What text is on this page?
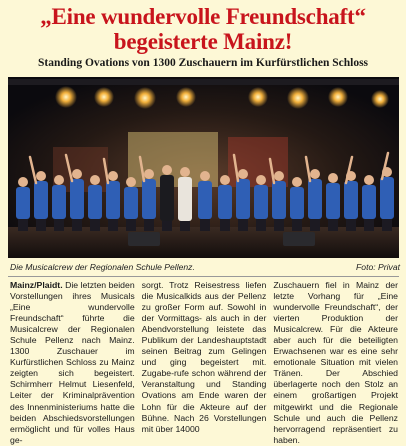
„Eine wundervolle Freundschaft“
begeisterte Mainz!
Standing Ovations von 1300 Zuschauern im Kurfürstlichen Schloss
Die Musicalcrew der Regionalen Schule Pellenz.	Foto: Privat
Mainz/Plaidt. Die letzten beiden Vorstellungen ihres Musicals „Eine wundervolle Freundschaft“ führte die Musicalcrew der Regionalen Schule Pellenz nach Mainz. 1300 Zuschauer im Kurfürstlichen Schloss zu Mainz zeigten sich begeistert. Schirmherr Helmut Liesenfeld, Leiter der Kriminalprävention des Innenministeriums hatte die beiden Abschiedsvorstellungen ermöglicht und für volles Haus ge-
sorgt. Trotz Reisestress liefen die Musicalkids aus der Pellenz zu großer Form auf. Sowohl in der Vormittags- als auch in der Abendvorstellung leistete das Publikum der Landeshauptstadt seinen Beitrag zum Gelingen und ging begeistert mit. Zugabe-rufe schon während der Veranstaltung und Standing Ovations am Ende waren der Lohn für die Akteure auf der Bühne. Nach 26 Vorstellungen mit über 14000
Zuschauern fiel in Mainz der letzte Vorhang für „Eine wundervolle Freundschaft“, der vierten Produktion der Musicalcrew. Für die Akteure aber auch für die beteiligten Erwachsenen war es eine sehr emotionale Situation mit vielen Tränen. Der Abschied überlagerte noch den Stolz an einem großartigen Projekt mitgewirkt und die Regionale Schule und auch die Pellenz hervorragend repräsentiert zu haben.
